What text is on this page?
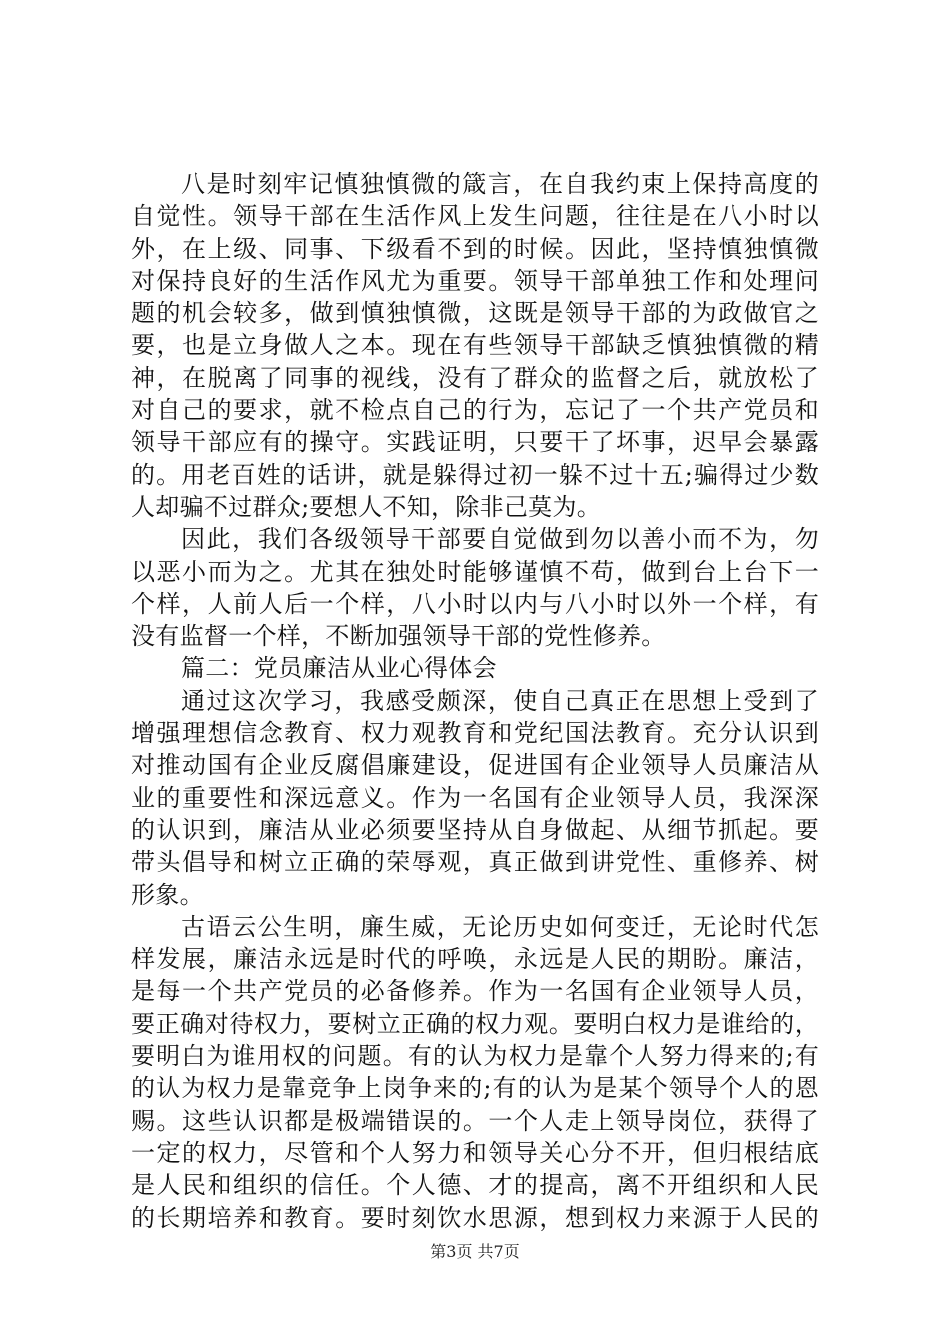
八是时刻牢记慎独慎微的箴言，在自我约束上保持高度的
自觉性。领导干部在生活作风上发生问题，往往是在八小时以
外，在上级、同事、下级看不到的时候。因此，坚持慎独慎微
对保持良好的生活作风尤为重要。领导干部单独工作和处理问
题的机会较多，做到慎独慎微，这既是领导干部的为政做官之
要，也是立身做人之本。现在有些领导干部缺乏慎独慎微的精
神，在脱离了同事的视线，没有了群众的监督之后，就放松了
对自己的要求，就不检点自己的行为，忘记了一个共产党员和
领导干部应有的操守。实践证明，只要干了坏事，迟早会暴露
的。用老百姓的话讲，就是躲得过初一躲不过十五;骗得过少数
人却骗不过群众;要想人不知，除非己莫为。
因此，我们各级领导干部要自觉做到勿以善小而不为，勿
以恶小而为之。尤其在独处时能够谨慎不苟，做到台上台下一
个样，人前人后一个样，八小时以内与八小时以外一个样，有
没有监督一个样，不断加强领导干部的党性修养。
篇二：党员廉洁从业心得体会
通过这次学习，我感受颇深，使自己真正在思想上受到了
增强理想信念教育、权力观教育和党纪国法教育。充分认识到
对推动国有企业反腐倡廉建设，促进国有企业领导人员廉洁从
业的重要性和深远意义。作为一名国有企业领导人员，我深深
的认识到，廉洁从业必须要坚持从自身做起、从细节抓起。要
带头倡导和树立正确的荣辱观，真正做到讲党性、重修养、树
形象。
古语云公生明，廉生威，无论历史如何变迁，无论时代怎
样发展，廉洁永远是时代的呼唤，永远是人民的期盼。廉洁，
是每一个共产党员的必备修养。作为一名国有企业领导人员，
要正确对待权力，要树立正确的权力观。要明白权力是谁给的，
要明白为谁用权的问题。有的认为权力是靠个人努力得来的;有
的认为权力是靠竞争上岗争来的;有的认为是某个领导个人的恩
赐。这些认识都是极端错误的。一个人走上领导岗位，获得了
一定的权力，尽管和个人努力和领导关心分不开，但归根结底
是人民和组织的信任。个人德、才的提高，离不开组织和人民
的长期培养和教育。要时刻饮水思源，想到权力来源于人民的
第3页 共7页
